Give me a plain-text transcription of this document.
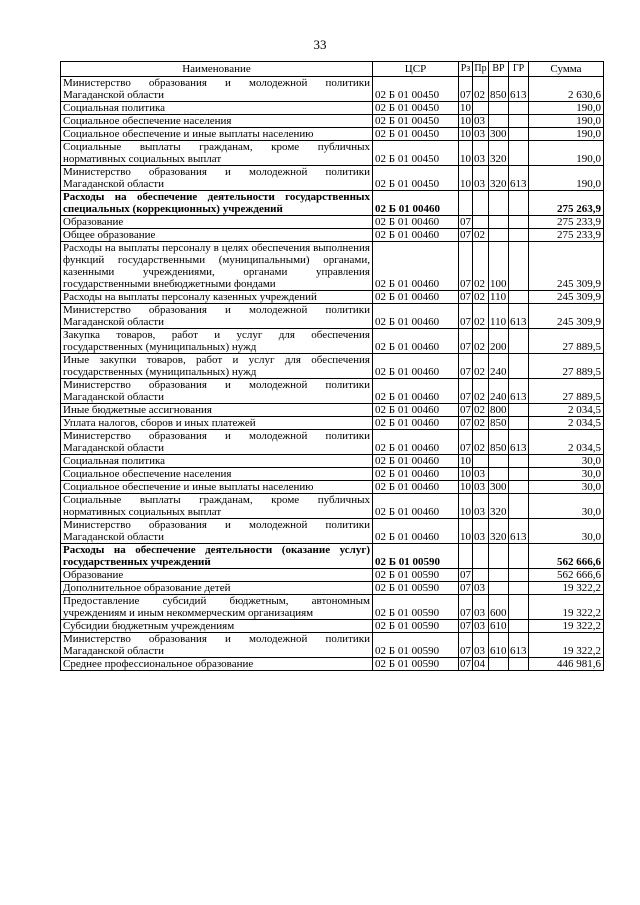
33
Наименование	ЦСР	Рз	Пр	ВР	ГР	Сумма
Министерство образования и молодежной политики Магаданской области	02 Б 01 00450	07	02	850	613	2 630,6
Социальная политика	02 Б 01 00450	10				190,0
Социальное обеспечение населения	02 Б 01 00450	10	03			190,0
Социальное обеспечение и иные выплаты населению	02 Б 01 00450	10	03	300		190,0
Социальные выплаты гражданам, кроме публичных нормативных социальных выплат	02 Б 01 00450	10	03	320		190,0
Министерство образования и молодежной политики Магаданской области	02 Б 01 00450	10	03	320	613	190,0
Расходы на обеспечение деятельности государственных специальных (коррекционных) учреждений	02 Б 01 00460					275 263,9
Образование	02 Б 01 00460	07				275 233,9
Общее образование	02 Б 01 00460	07	02			275 233,9
Расходы на выплаты персоналу в целях обеспечения выполнения функций государственными (муниципальными) органами, казенными учреждениями, органами управления государственными внебюджетными фондами	02 Б 01 00460	07	02	100		245 309,9
Расходы на выплаты персоналу казенных учреждений	02 Б 01 00460	07	02	110		245 309,9
Министерство образования и молодежной политики Магаданской области	02 Б 01 00460	07	02	110	613	245 309,9
Закупка товаров, работ и услуг для обеспечения государственных (муниципальных) нужд	02 Б 01 00460	07	02	200		27 889,5
Иные закупки товаров, работ и услуг для обеспечения государственных (муниципальных) нужд	02 Б 01 00460	07	02	240		27 889,5
Министерство образования и молодежной политики Магаданской области	02 Б 01 00460	07	02	240	613	27 889,5
Иные бюджетные ассигнования	02 Б 01 00460	07	02	800		2 034,5
Уплата налогов, сборов и иных платежей	02 Б 01 00460	07	02	850		2 034,5
Министерство образования и молодежной политики Магаданской области	02 Б 01 00460	07	02	850	613	2 034,5
Социальная политика	02 Б 01 00460	10				30,0
Социальное обеспечение населения	02 Б 01 00460	10	03			30,0
Социальное обеспечение и иные выплаты населению	02 Б 01 00460	10	03	300		30,0
Социальные выплаты гражданам, кроме публичных нормативных социальных выплат	02 Б 01 00460	10	03	320		30,0
Министерство образования и молодежной политики Магаданской области	02 Б 01 00460	10	03	320	613	30,0
Расходы на обеспечение деятельности (оказание услуг) государственных учреждений	02 Б 01 00590					562 666,6
Образование	02 Б 01 00590	07				562 666,6
Дополнительное образование детей	02 Б 01 00590	07	03			19 322,2
Предоставление субсидий бюджетным, автономным учреждениям и иным некоммерческим организациям	02 Б 01 00590	07	03	600		19 322,2
Субсидии бюджетным учреждениям	02 Б 01 00590	07	03	610		19 322,2
Министерство образования и молодежной политики Магаданской области	02 Б 01 00590	07	03	610	613	19 322,2
Среднее профессиональное образование	02 Б 01 00590	07	04			446 981,6
